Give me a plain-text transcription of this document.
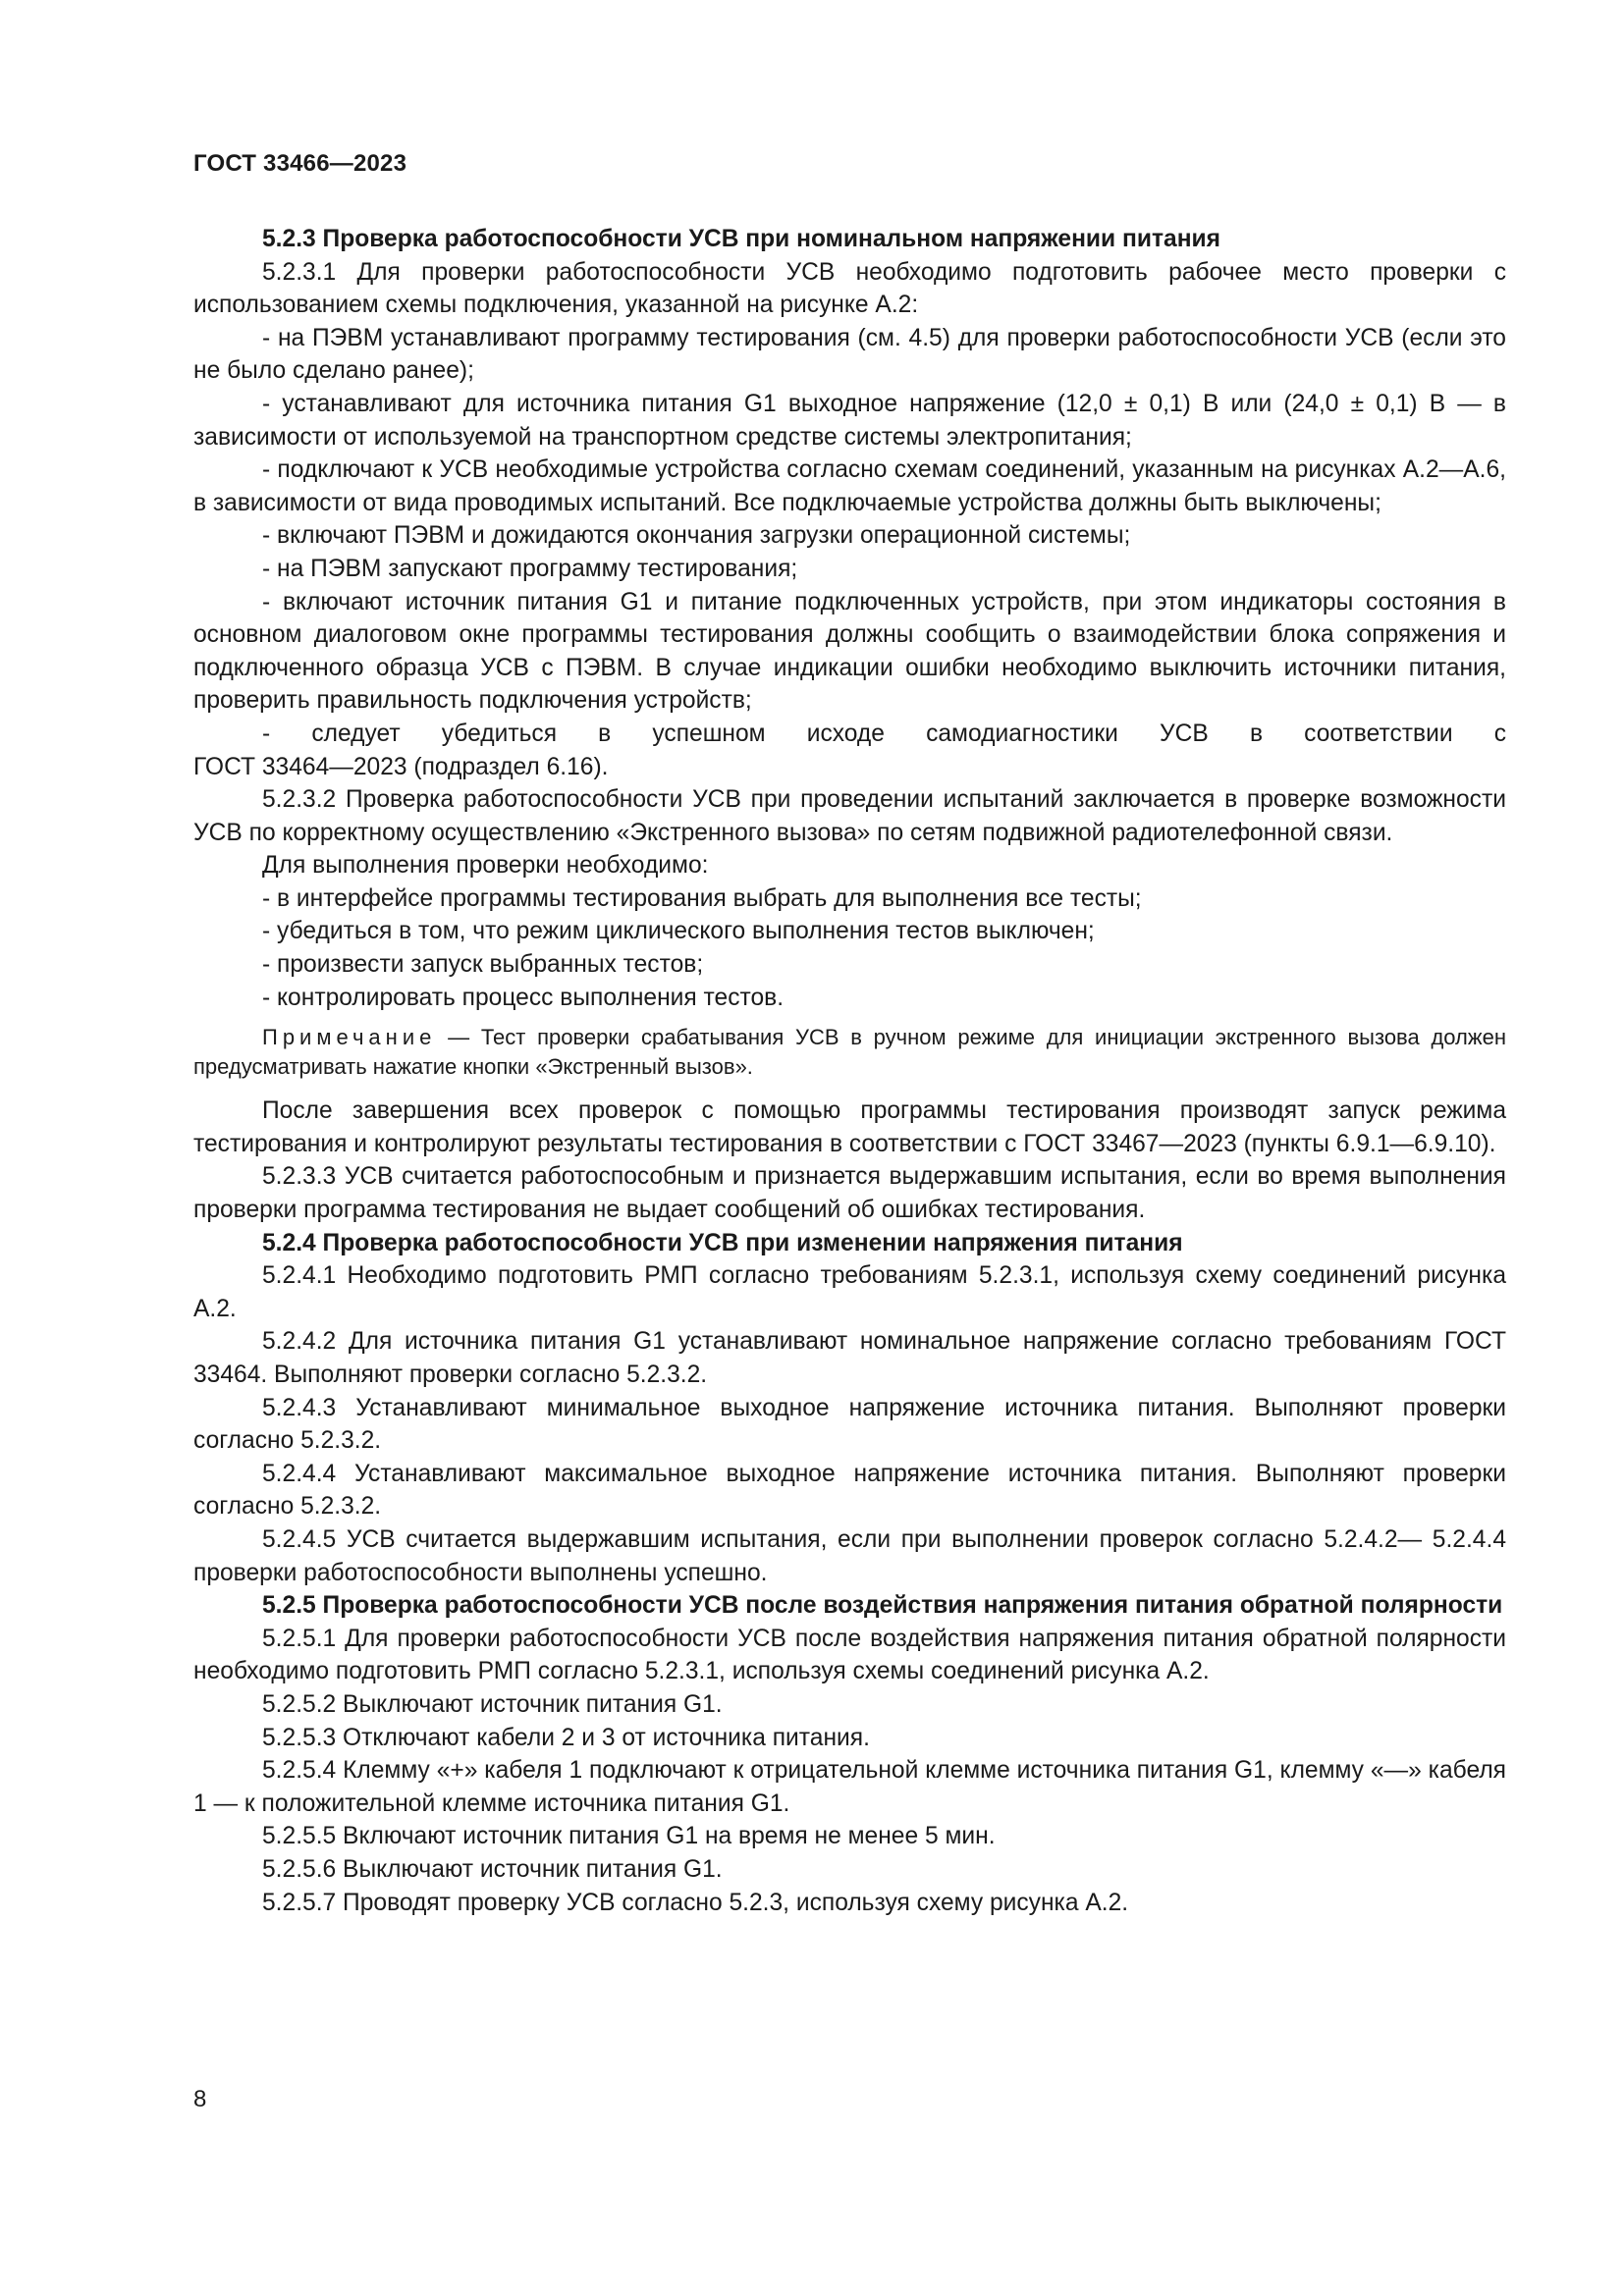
ГОСТ 33466—2023

5.2.3 Проверка работоспособности УСВ при номинальном напряжении питания

5.2.3.1 Для проверки работоспособности УСВ необходимо подготовить рабочее место проверки с использованием схемы подключения, указанной на рисунке А.2:

- на ПЭВМ устанавливают программу тестирования (см. 4.5) для проверки работоспособности УСВ (если это не было сделано ранее);

- устанавливают для источника питания G1 выходное напряжение (12,0 ± 0,1) В или (24,0 ± 0,1) В — в зависимости от используемой на транспортном средстве системы электропитания;

- подключают к УСВ необходимые устройства согласно схемам соединений, указанным на рисунках А.2—А.6, в зависимости от вида проводимых испытаний. Все подключаемые устройства должны быть выключены;

- включают ПЭВМ и дожидаются окончания загрузки операционной системы;

- на ПЭВМ запускают программу тестирования;

- включают источник питания G1 и питание подключенных устройств, при этом индикаторы состояния в основном диалоговом окне программы тестирования должны сообщить о взаимодействии блока сопряжения и подключенного образца УСВ с ПЭВМ. В случае индикации ошибки необходимо выключить источники питания, проверить правильность подключения устройств;

- следует убедиться в успешном исходе самодиагностики УСВ в соответствии с

ГОСТ 33464—2023 (подраздел 6.16).

5.2.3.2 Проверка работоспособности УСВ при проведении испытаний заключается в проверке возможности УСВ по корректному осуществлению «Экстренного вызова» по сетям подвижной радиотелефонной связи.

Для выполнения проверки необходимо:

- в интерфейсе программы тестирования выбрать для выполнения все тесты;

- убедиться в том, что режим циклического выполнения тестов выключен;

- произвести запуск выбранных тестов;

- контролировать процесс выполнения тестов.

Примечание — Тест проверки срабатывания УСВ в ручном режиме для инициации экстренного вызова должен предусматривать нажатие кнопки «Экстренный вызов».

После завершения всех проверок с помощью программы тестирования производят запуск режима тестирования и контролируют результаты тестирования в соответствии с ГОСТ 33467—2023 (пункты 6.9.1—6.9.10).

5.2.3.3 УСВ считается работоспособным и признается выдержавшим испытания, если во время выполнения проверки программа тестирования не выдает сообщений об ошибках тестирования.

5.2.4 Проверка работоспособности УСВ при изменении напряжения питания

5.2.4.1 Необходимо подготовить РМП согласно требованиям 5.2.3.1, используя схему соединений рисунка А.2.

5.2.4.2 Для источника питания G1 устанавливают номинальное напряжение согласно требованиям ГОСТ 33464. Выполняют проверки согласно 5.2.3.2.

5.2.4.3 Устанавливают минимальное выходное напряжение источника питания. Выполняют проверки согласно 5.2.3.2.

5.2.4.4 Устанавливают максимальное выходное напряжение источника питания. Выполняют проверки согласно 5.2.3.2.

5.2.4.5 УСВ считается выдержавшим испытания, если при выполнении проверок согласно 5.2.4.2— 5.2.4.4 проверки работоспособности выполнены успешно.

5.2.5 Проверка работоспособности УСВ после воздействия напряжения питания обратной полярности

5.2.5.1 Для проверки работоспособности УСВ после воздействия напряжения питания обратной полярности необходимо подготовить РМП согласно 5.2.3.1, используя схемы соединений рисунка А.2.

5.2.5.2 Выключают источник питания G1.

5.2.5.3 Отключают кабели 2 и 3 от источника питания.

5.2.5.4 Клемму «+» кабеля 1 подключают к отрицательной клемме источника питания G1, клемму «—» кабеля 1 — к положительной клемме источника питания G1.

5.2.5.5 Включают источник питания G1 на время не менее 5 мин.

5.2.5.6 Выключают источник питания G1.

5.2.5.7 Проводят проверку УСВ согласно 5.2.3, используя схему рисунка А.2.

8
